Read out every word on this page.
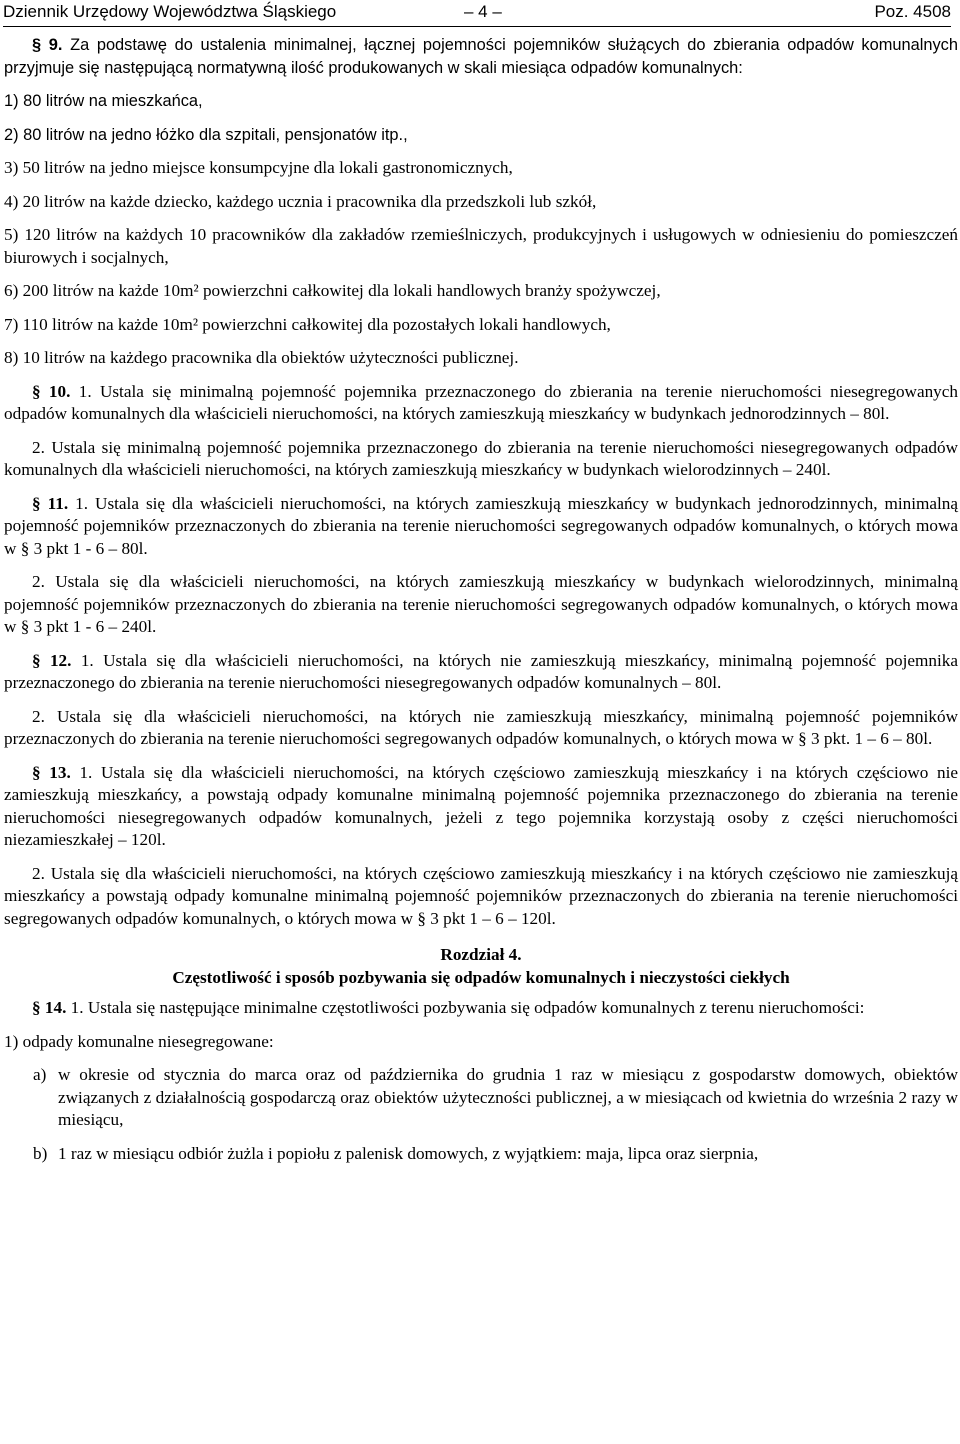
Dziennik Urzędowy Województwa Śląskiego	– 4 –	Poz. 4508

§ 9. Za podstawę do ustalenia minimalnej, łącznej pojemności pojemników służących do zbierania odpadów komunalnych przyjmuje się następującą normatywną ilość produkowanych w skali miesiąca odpadów komunalnych:

1) 80 litrów na mieszkańca,

2) 80 litrów na jedno łóżko dla szpitali, pensjonatów itp.,

3) 50 litrów na jedno miejsce konsumpcyjne dla lokali gastronomicznych,

4) 20 litrów na każde dziecko, każdego ucznia i pracownika dla przedszkoli lub szkół,

5) 120 litrów na każdych 10 pracowników dla zakładów rzemieślniczych, produkcyjnych i usługowych w odniesieniu do pomieszczeń biurowych i socjalnych,

6) 200 litrów na każde 10m² powierzchni całkowitej dla lokali handlowych branży spożywczej,

7) 110 litrów na każde 10m² powierzchni całkowitej dla pozostałych lokali handlowych,

8) 10 litrów na każdego pracownika dla obiektów użyteczności publicznej.

§ 10. 1. Ustala się minimalną pojemność pojemnika przeznaczonego do zbierania na terenie nieruchomości niesegregowanych odpadów komunalnych dla właścicieli nieruchomości, na których zamieszkują mieszkańcy w budynkach jednorodzinnych – 80l.

2. Ustala się minimalną pojemność pojemnika przeznaczonego do zbierania na terenie nieruchomości niesegregowanych odpadów komunalnych dla właścicieli nieruchomości, na których zamieszkują mieszkańcy w budynkach wielorodzinnych – 240l.

§ 11. 1. Ustala się dla właścicieli nieruchomości, na których zamieszkują mieszkańcy w budynkach jednorodzinnych, minimalną pojemność pojemników przeznaczonych do zbierania na terenie nieruchomości segregowanych odpadów komunalnych, o których mowa w § 3 pkt 1 - 6 – 80l.

2. Ustala się dla właścicieli nieruchomości, na których zamieszkują mieszkańcy w budynkach wielorodzinnych, minimalną pojemność pojemników przeznaczonych do zbierania na terenie nieruchomości segregowanych odpadów komunalnych, o których mowa w § 3 pkt 1 - 6 – 240l.

§ 12. 1. Ustala się dla właścicieli nieruchomości, na których nie zamieszkują mieszkańcy, minimalną pojemność pojemnika przeznaczonego do zbierania na terenie nieruchomości niesegregowanych odpadów komunalnych – 80l.

2. Ustala się dla właścicieli nieruchomości, na których nie zamieszkują mieszkańcy, minimalną pojemność pojemników przeznaczonych do zbierania na terenie nieruchomości segregowanych odpadów komunalnych, o których mowa w § 3 pkt. 1 – 6 – 80l.

§ 13. 1. Ustala się dla właścicieli nieruchomości, na których częściowo zamieszkują mieszkańcy i na których częściowo nie zamieszkują mieszkańcy, a powstają odpady komunalne minimalną pojemność pojemnika przeznaczonego do zbierania na terenie nieruchomości niesegregowanych odpadów komunalnych, jeżeli z tego pojemnika korzystają osoby z części nieruchomości niezamieszkałej – 120l.

2. Ustala się dla właścicieli nieruchomości, na których częściowo zamieszkują mieszkańcy i na których częściowo nie zamieszkują mieszkańcy a powstają odpady komunalne minimalną pojemność pojemników przeznaczonych do zbierania na terenie nieruchomości segregowanych odpadów komunalnych, o których mowa w § 3 pkt 1 – 6 – 120l.

Rozdział 4.
Częstotliwość i sposób pozbywania się odpadów komunalnych i nieczystości ciekłych

§ 14. 1. Ustala się następujące minimalne częstotliwości pozbywania się odpadów komunalnych z terenu nieruchomości:

1) odpady komunalne niesegregowane:

a) w okresie od stycznia do marca oraz od października do grudnia 1 raz w miesiącu z gospodarstw domowych, obiektów związanych z działalnością gospodarczą oraz obiektów użyteczności publicznej, a w miesiącach od kwietnia do września 2 razy w miesiącu,
b) 1 raz w miesiącu odbiór żużla i popiołu z palenisk domowych, z wyjątkiem: maja, lipca oraz sierpnia,
